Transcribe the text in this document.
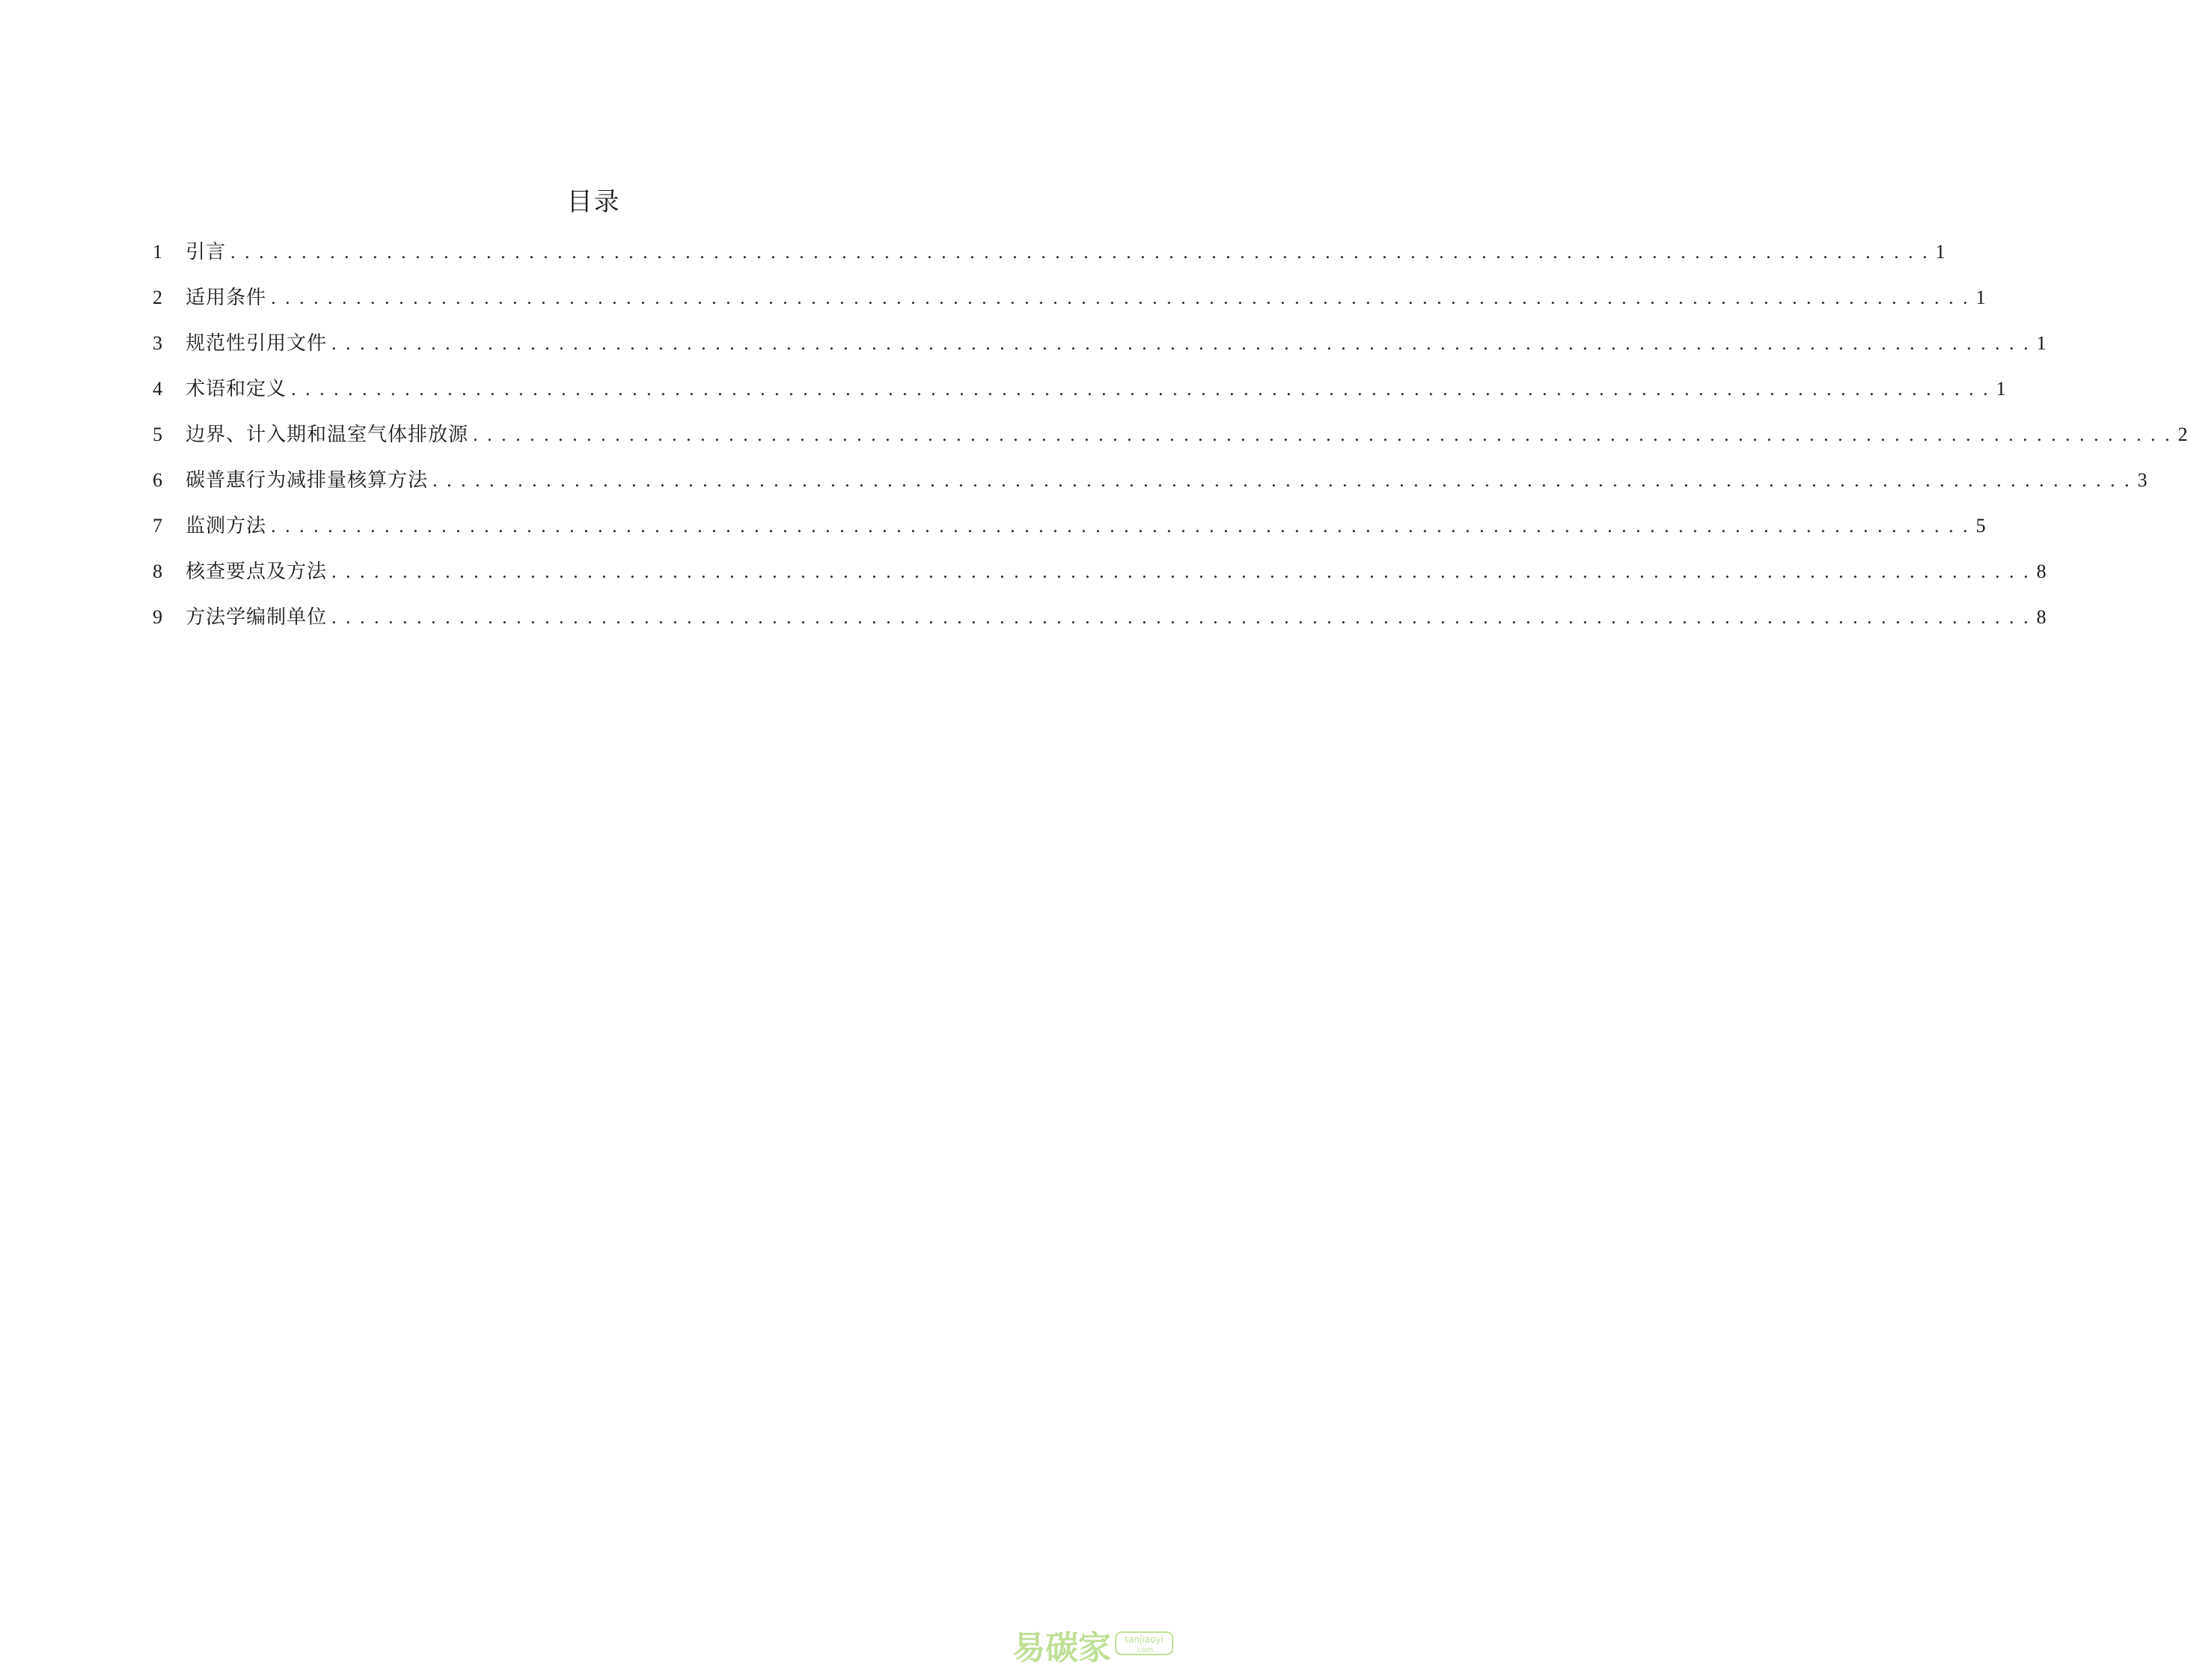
目录
1	引言 . . . . . . . . . . . . . . . . . . . . . . . . . . . . . . . . . . . . . . . . . . . . . . . . . . . . . . . . . . . . . . . . . . . . . . . . . . . . . . . . . . . . . . . . . . . . . . . . . . . . . . . . . . . . . . . . . . . . . . . . 1
2	适用条件 . . . . . . . . . . . . . . . . . . . . . . . . . . . . . . . . . . . . . . . . . . . . . . . . . . . . . . . . . . . . . . . . . . . . . . . . . . . . . . . . . . . . . . . . . . . . . . . . . . . . . . . . . . . . . . . . . . . . . . . . 1
3	规范性引用文件 . . . . . . . . . . . . . . . . . . . . . . . . . . . . . . . . . . . . . . . . . . . . . . . . . . . . . . . . . . . . . . . . . . . . . . . . . . . . . . . . . . . . . . . . . . . . . . . . . . . . . . . . . . . . . . . . . . . . . . . . 1
4	术语和定义 . . . . . . . . . . . . . . . . . . . . . . . . . . . . . . . . . . . . . . . . . . . . . . . . . . . . . . . . . . . . . . . . . . . . . . . . . . . . . . . . . . . . . . . . . . . . . . . . . . . . . . . . . . . . . . . . . . . . . . . . 1
5	边界、计入期和温室气体排放源 . . . . . . . . . . . . . . . . . . . . . . . . . . . . . . . . . . . . . . . . . . . . . . . . . . . . . . . . . . . . . . . . . . . . . . . . . . . . . . . . . . . . . . . . . . . . . . . . . . . . . . . . . . . . . . . . . . . . . . . . 2
6	碳普惠行为减排量核算方法 . . . . . . . . . . . . . . . . . . . . . . . . . . . . . . . . . . . . . . . . . . . . . . . . . . . . . . . . . . . . . . . . . . . . . . . . . . . . . . . . . . . . . . . . . . . . . . . . . . . . . . . . . . . . . . . . . . . . . . . . 3
7	监测方法 . . . . . . . . . . . . . . . . . . . . . . . . . . . . . . . . . . . . . . . . . . . . . . . . . . . . . . . . . . . . . . . . . . . . . . . . . . . . . . . . . . . . . . . . . . . . . . . . . . . . . . . . . . . . . . . . . . . . . . . . 5
8	核查要点及方法 . . . . . . . . . . . . . . . . . . . . . . . . . . . . . . . . . . . . . . . . . . . . . . . . . . . . . . . . . . . . . . . . . . . . . . . . . . . . . . . . . . . . . . . . . . . . . . . . . . . . . . . . . . . . . . . . . . . . . . . . 8
9	方法学编制单位 . . . . . . . . . . . . . . . . . . . . . . . . . . . . . . . . . . . . . . . . . . . . . . . . . . . . . . . . . . . . . . . . . . . . . . . . . . . . . . . . . . . . . . . . . . . . . . . . . . . . . . . . . . . . . . . . . . . . . . . . 8
易碳家 tanjiaoyi
.com
